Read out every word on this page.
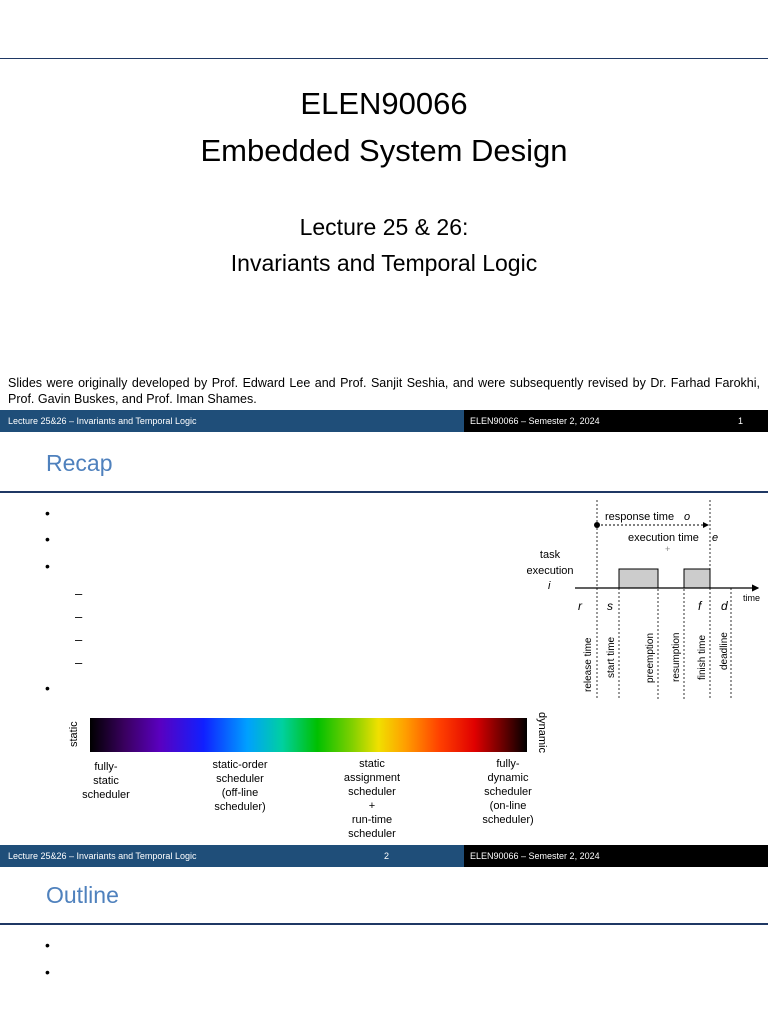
ELEN90066
Embedded System Design
Lecture 25 & 26:
Invariants and Temporal Logic
Slides were originally developed by Prof. Edward Lee and Prof. Sanjit Seshia, and were subsequently revised by Dr. Farhad Farokhi, Prof. Gavin Buskes, and Prof. Iman Shames.
Lecture 25&26 – Invariants and Temporal Logic	ELEN90066 – Semester 2, 2024	1
Recap
•
•
•
–
–
–
–
•
response time o
execution time e
+
task
execution
i
time
r s	f d
release time start time	preemption resumption finish time deadline
static	dynamic
fully-
static
scheduler
static-order
scheduler
(off-line
scheduler)
static
assignment
scheduler
+
run-time
scheduler
fully-
dynamic
scheduler
(on-line
scheduler)
Lecture 25&26 – Invariants and Temporal Logic	2	ELEN90066 – Semester 2, 2024
Outline
•
•
